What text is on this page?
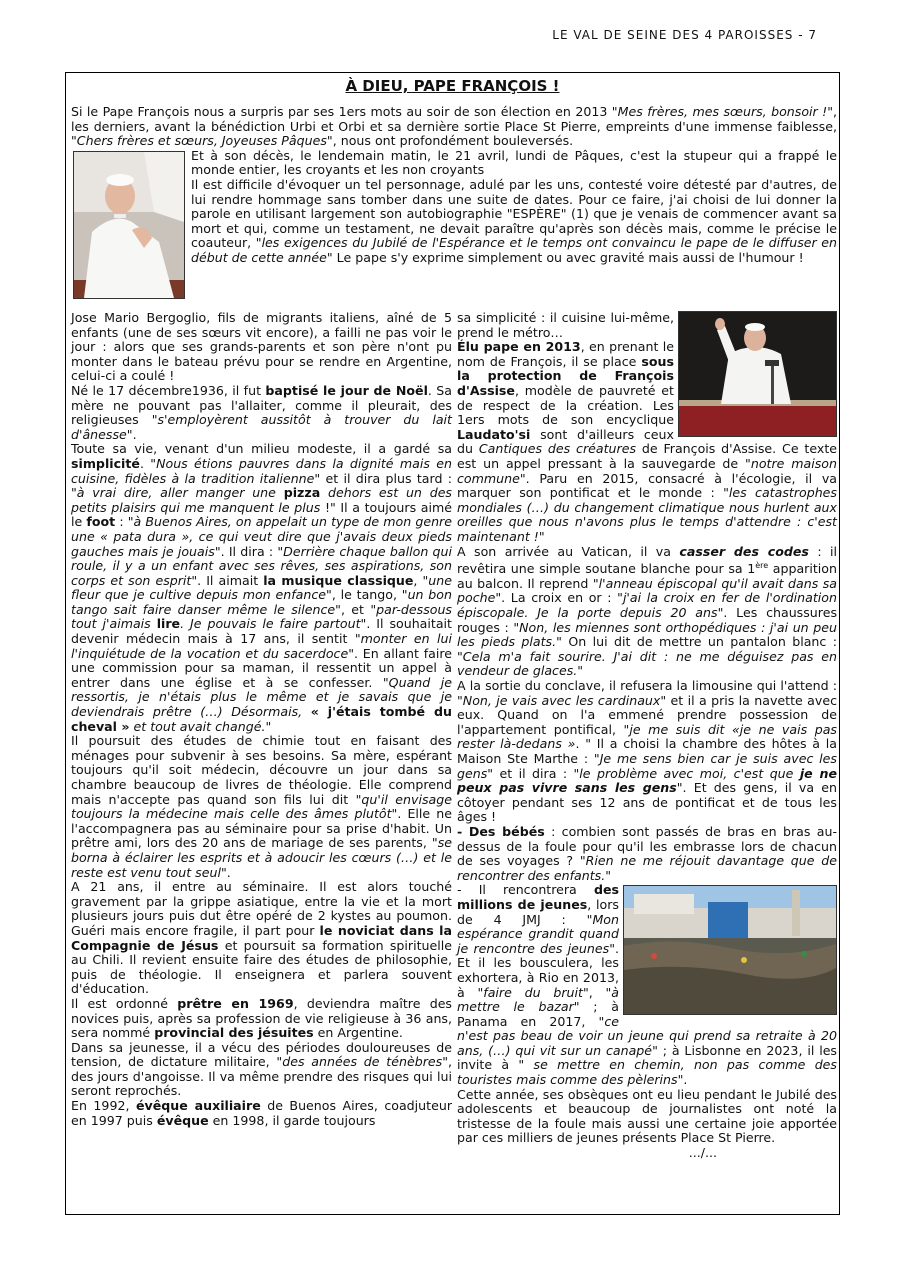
LE VAL DE SEINE DES 4 PAROISSES - 7
À DIEU, PAPE FRANÇOIS !

Si le Pape François nous a surpris par ses 1ers mots au soir de son élection en 2013 "Mes frères, mes sœurs, bonsoir !", les derniers, avant la bénédiction Urbi et Orbi et sa dernière sortie Place St Pierre, empreints d'une immense faiblesse, "Chers frères et sœurs, Joyeuses Pâques", nous ont profondément bouleversés.

Et à son décès, le lendemain matin, le 21 avril, lundi de Pâques, c'est la stupeur qui a frappé le monde entier, les croyants et les non croyants

Il est difficile d'évoquer un tel personnage, adulé par les uns, contesté voire détesté par d'autres, de lui rendre hommage sans tomber dans une suite de dates. Pour ce faire, j'ai choisi de lui donner la parole en utilisant largement son autobiographie "ESPÈRE" (1) que je venais de commencer avant sa mort et qui, comme un testament, ne devait paraître qu'après son décès mais, comme le précise le coauteur, "les exigences du Jubilé de l'Espérance et le temps ont convaincu le pape de le diffuser en début de cette année" Le pape s'y exprime simplement ou avec gravité mais aussi de l'humour !

Jose Mario Bergoglio, fils de migrants italiens, aîné de 5 enfants (une de ses sœurs vit encore), a failli ne pas voir le jour : alors que ses grands-parents et son père n'ont pu monter dans le bateau prévu pour se rendre en Argentine, celui-ci a coulé !

Né le 17 décembre1936, il fut baptisé le jour de Noël. Sa mère ne pouvant pas l'allaiter, comme il pleurait, des religieuses "s'employèrent aussitôt à trouver du lait d'ânesse".

Toute sa vie, venant d'un milieu modeste, il a gardé sa simplicité. "Nous étions pauvres dans la dignité mais en cuisine, fidèles à la tradition italienne" et il dira plus tard : "à vrai dire, aller manger une pizza dehors est un des petits plaisirs qui me manquent le plus !" Il a toujours aimé le foot : "à Buenos Aires, on appelait un type de mon genre une « pata dura », ce qui veut dire que j'avais deux pieds gauches mais je jouais". Il dira : "Derrière chaque ballon qui roule, il y a un enfant avec ses rêves, ses aspirations, son corps et son esprit". Il aimait la musique classique, "une fleur que je cultive depuis mon enfance", le tango, "un bon tango sait faire danser même le silence", et "par-dessous tout j'aimais lire. Je pouvais le faire partout". Il souhaitait devenir médecin mais à 17 ans, il sentit "monter en lui l'inquiétude de la vocation et du sacerdoce". En allant faire une commission pour sa maman, il ressentit un appel à entrer dans une église et à se confesser. "Quand je ressortis, je n'étais plus le même et je savais que je deviendrais prêtre (…) Désormais, « j'étais tombé du cheval » et tout avait changé."

Il poursuit des études de chimie tout en faisant des ménages pour subvenir à ses besoins. Sa mère, espérant toujours qu'il soit médecin, découvre un jour dans sa chambre beaucoup de livres de théologie. Elle comprend mais n'accepte pas quand son fils lui dit "qu'il envisage toujours la médecine mais celle des âmes plutôt". Elle ne l'accompagnera pas au séminaire pour sa prise d'habit. Un prêtre ami, lors des 20 ans de mariage de ses parents, "se borna à éclairer les esprits et à adoucir les cœurs (…) et le reste est venu tout seul".

A 21 ans, il entre au séminaire. Il est alors touché gravement par la grippe asiatique, entre la vie et la mort plusieurs jours puis dut être opéré de 2 kystes au poumon. Guéri mais encore fragile, il part pour le noviciat dans la Compagnie de Jésus et poursuit sa formation spirituelle au Chili. Il revient ensuite faire des études de philosophie, puis de théologie. Il enseignera et parlera souvent d'éducation.

Il est ordonné prêtre en 1969, deviendra maître des novices puis, après sa profession de vie religieuse à 36 ans, sera nommé provincial des jésuites en Argentine.

Dans sa jeunesse, il a vécu des périodes douloureuses de tension, de dictature militaire, "des années de ténèbres", des jours d'angoisse. Il va même prendre des risques qui lui seront reprochés.

En 1992, évêque auxiliaire de Buenos Aires, coadjuteur en 1997 puis évêque en 1998, il garde toujours

sa simplicité : il cuisine lui-même, prend le métro…

Élu pape en 2013, en prenant le nom de François, il se place sous la protection de François d'Assise, modèle de pauvreté et de respect de la création. Les 1ers mots de son encyclique Laudato'si sont d'ailleurs ceux du Cantiques des créatures de François d'Assise. Ce texte est un appel pressant à la sauvegarde de "notre maison commune". Paru en 2015, consacré à l'écologie, il va marquer son pontificat et le monde : "les catastrophes mondiales (…) du changement climatique nous hurlent aux oreilles que nous n'avons plus le temps d'attendre : c'est maintenant !"

A son arrivée au Vatican, il va casser des codes : il revêtira une simple soutane blanche pour sa 1ère apparition au balcon. Il reprend "l'anneau épiscopal qu'il avait dans sa poche". La croix en or : "j'ai la croix en fer de l'ordination épiscopale. Je la porte depuis 20 ans". Les chaussures rouges : "Non, les miennes sont orthopédiques : j'ai un peu les pieds plats." On lui dit de mettre un pantalon blanc : "Cela m'a fait sourire. J'ai dit : ne me déguisez pas en vendeur de glaces."

A la sortie du conclave, il refusera la limousine qui l'attend : "Non, je vais avec les cardinaux" et il a pris la navette avec eux. Quand on l'a emmené prendre possession de l'appartement pontifical, "je me suis dit «je ne vais pas rester là-dedans ». " Il a choisi la chambre des hôtes à la Maison Ste Marthe : "Je me sens bien car je suis avec les gens" et il dira : "le problème avec moi, c'est que je ne peux pas vivre sans les gens". Et des gens, il va en côtoyer pendant ses 12 ans de pontificat et de tous les âges !

- Des bébés : combien sont passés de bras en bras au-dessus de la foule pour qu'il les embrasse lors de chacun de ses voyages ? "Rien ne me réjouit davantage que de rencontrer des enfants."

- Il rencontrera des millions de jeunes, lors de 4 JMJ : "Mon espérance grandit quand je rencontre des jeunes". Et il les bousculera, les exhortera, à Rio en 2013, à "faire du bruit", "à mettre le bazar" ; à Panama en 2017, "ce n'est pas beau de voir un jeune qui prend sa retraite à 20 ans, (…) qui vit sur un canapé" ; à Lisbonne en 2023, il les invite à " se mettre en chemin, non pas comme des touristes mais comme des pèlerins".

Cette année, ses obsèques ont eu lieu pendant le Jubilé des adolescents et beaucoup de journalistes ont noté la tristesse de la foule mais aussi une certaine joie apportée par ces milliers de jeunes présents Place St Pierre.

.../...
